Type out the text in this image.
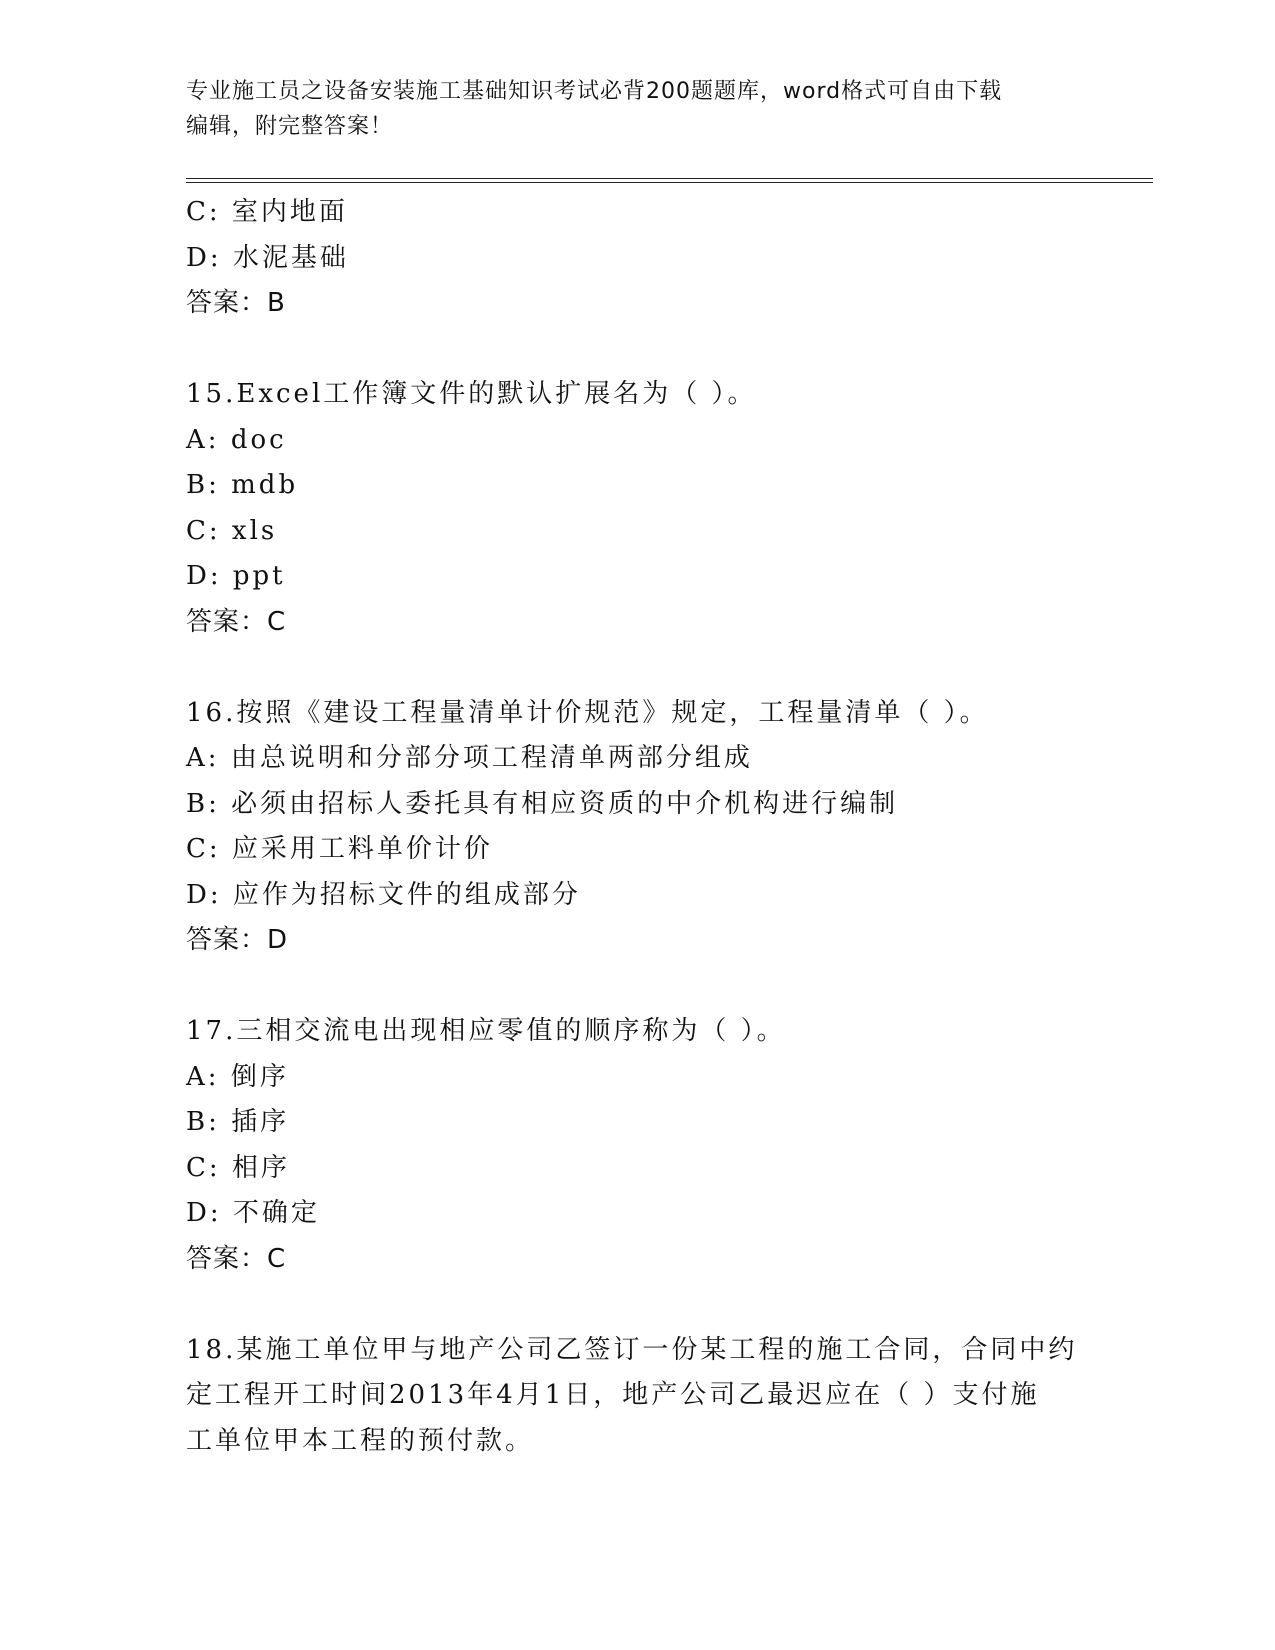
专业施工员之设备安装施工基础知识考试必背200题题库，word格式可自由下载
编辑，附完整答案！
C: 室内地面
D: 水泥基础
答案：B
15.Excel工作簿文件的默认扩展名为（ ）。
A: doc
B: mdb
C: xls
D: ppt
答案：C
16.按照《建设工程量清单计价规范》规定，工程量清单（ ）。
A: 由总说明和分部分项工程清单两部分组成
B: 必须由招标人委托具有相应资质的中介机构进行编制
C: 应采用工料单价计价
D: 应作为招标文件的组成部分
答案：D
17.三相交流电出现相应零值的顺序称为（ ）。
A: 倒序
B: 插序
C: 相序
D: 不确定
答案：C
18.某施工单位甲与地产公司乙签订一份某工程的施工合同，合同中约
定工程开工时间2013年4月1日，地产公司乙最迟应在（ ）支付施
工单位甲本工程的预付款。
